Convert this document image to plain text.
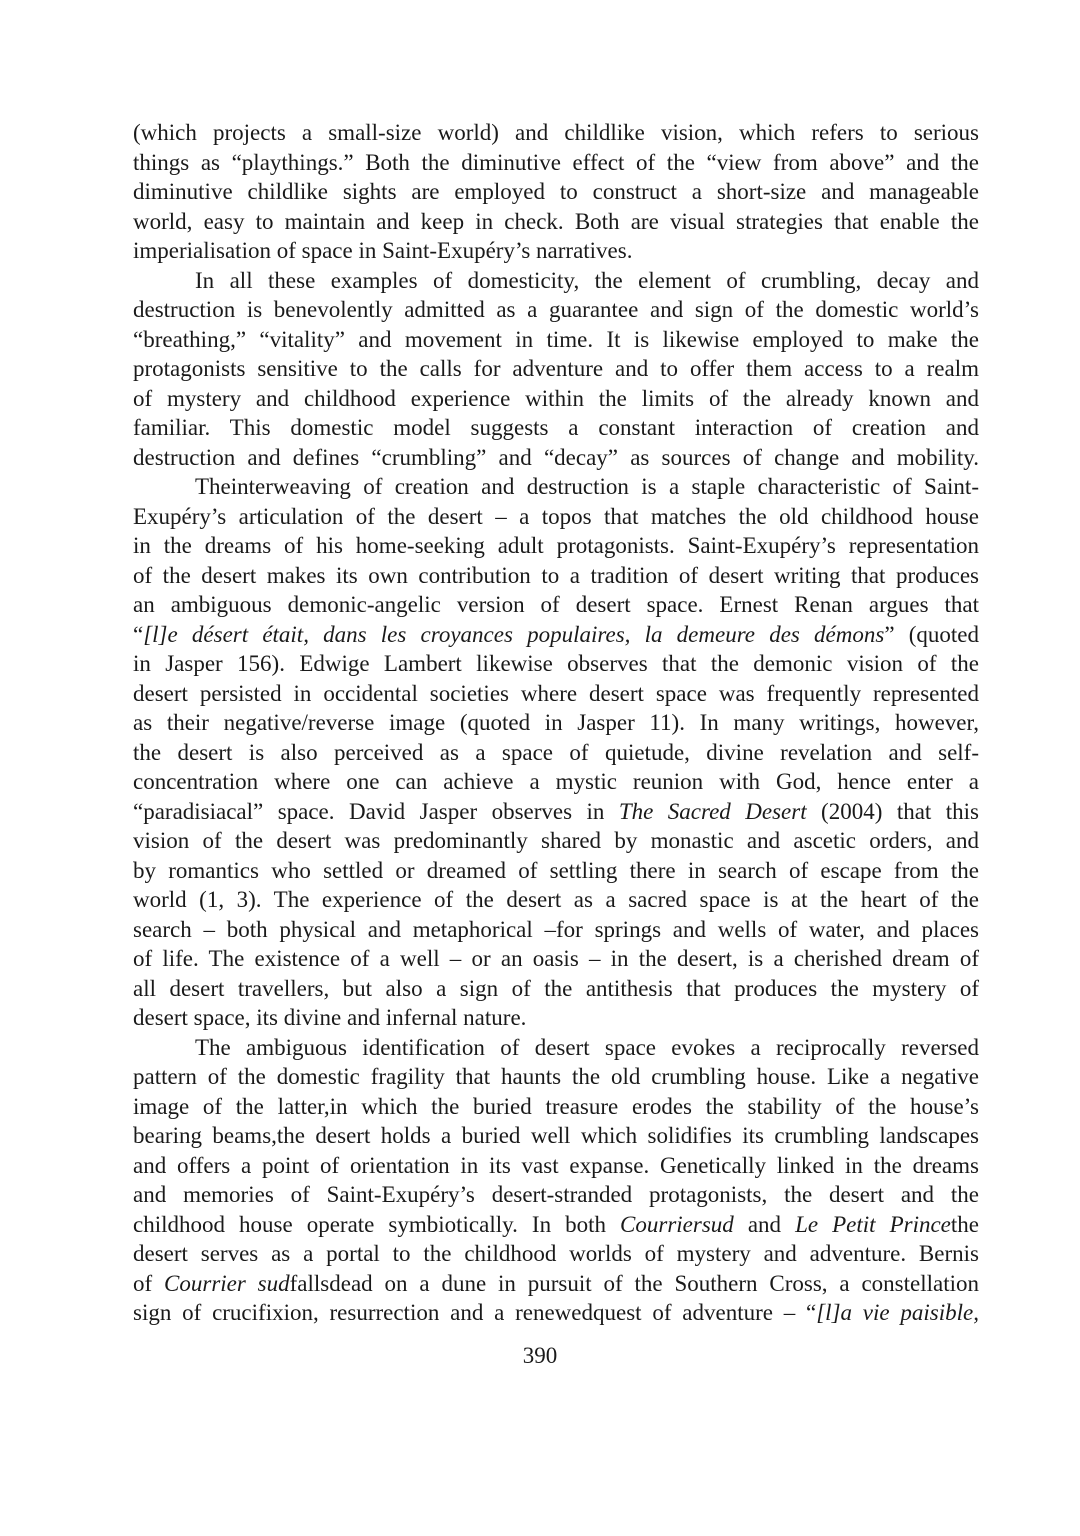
(which projects a small-size world) and childlike vision, which refers to serious
things as “playthings.” Both the diminutive effect of the “view from above” and the
diminutive childlike sights are employed to construct a short-size and manageable
world, easy to maintain and keep in check. Both are visual strategies that enable the
imperialisation of space in Saint-Exupéry’s narratives.
In all these examples of domesticity, the element of crumbling, decay and
destruction is benevolently admitted as a guarantee and sign of the domestic world’s
“breathing,” “vitality” and movement in time. It is likewise employed to make the
protagonists sensitive to the calls for adventure and to offer them access to a realm
of mystery and childhood experience within the limits of the already known and
familiar. This domestic model suggests a constant interaction of creation and
destruction and defines “crumbling” and “decay” as sources of change and mobility.
Theinterweaving of creation and destruction is a staple characteristic of Saint-
Exupéry’s articulation of the desert – a topos that matches the old childhood house
in the dreams of his home-seeking adult protagonists. Saint-Exupéry’s representation
of the desert makes its own contribution to a tradition of desert writing that produces
an ambiguous demonic-angelic version of desert space. Ernest Renan argues that
“[l]e désert était, dans les croyances populaires, la demeure des démons” (quoted
in Jasper 156). Edwige Lambert likewise observes that the demonic vision of the
desert persisted in occidental societies where desert space was frequently represented
as their negative/reverse image (quoted in Jasper 11). In many writings, however,
the desert is also perceived as a space of quietude, divine revelation and self-
concentration where one can achieve a mystic reunion with God, hence enter a
“paradisiacal” space. David Jasper observes in The Sacred Desert (2004) that this
vision of the desert was predominantly shared by monastic and ascetic orders, and
by romantics who settled or dreamed of settling there in search of escape from the
world (1, 3). The experience of the desert as a sacred space is at the heart of the
search – both physical and metaphorical –for springs and wells of water, and places
of life. The existence of a well – or an oasis – in the desert, is a cherished dream of
all desert travellers, but also a sign of the antithesis that produces the mystery of
desert space, its divine and infernal nature.
The ambiguous identification of desert space evokes a reciprocally reversed
pattern of the domestic fragility that haunts the old crumbling house. Like a negative
image of the latter,in which the buried treasure erodes the stability of the house’s
bearing beams,the desert holds a buried well which solidifies its crumbling landscapes
and offers a point of orientation in its vast expanse. Genetically linked in the dreams
and memories of Saint-Exupéry’s desert-stranded protagonists, the desert and the
childhood house operate symbiotically. In both Courriersud and Le Petit Princethe
desert serves as a portal to the childhood worlds of mystery and adventure. Bernis
of Courrier sudfallsdead on a dune in pursuit of the Southern Cross, a constellation
sign of crucifixion, resurrection and a renewedquest of adventure – “[l]a vie paisible,
390
